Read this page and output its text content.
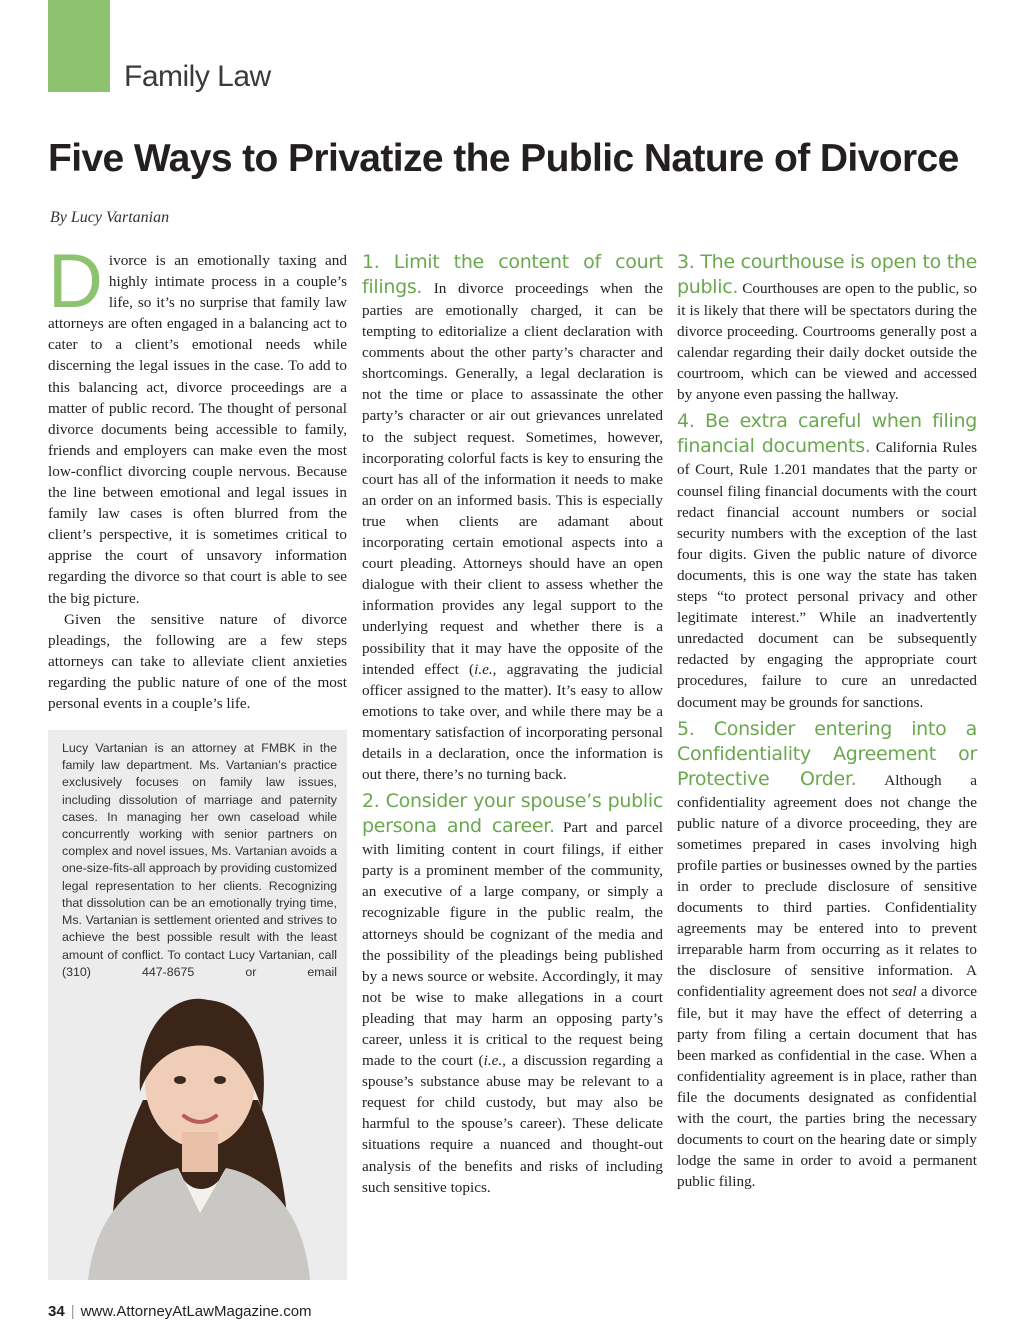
Family Law
Five Ways to Privatize the Public Nature of Divorce
By Lucy Vartanian

Divorce is an emotionally taxing and highly intimate process in a couple’s life, so it’s no surprise that family law attorneys are often engaged in a balancing act to cater to a client’s emotional needs while discerning the legal issues in the case. To add to this balancing act, divorce proceedings are a matter of public record. The thought of personal divorce documents being accessible to family, friends and employers can make even the most low-conflict divorcing couple nervous. Because the line between emotional and legal issues in family law cases is often blurred from the client’s perspective, it is sometimes critical to apprise the court of unsavory information regarding the divorce so that court is able to see the big picture.

Given the sensitive nature of divorce pleadings, the following are a few steps attorneys can take to alleviate client anxieties regarding the public nature of one of the most personal events in a couple’s life.

Lucy Vartanian is an attorney at FMBK in the family law department. Ms. Vartanian’s practice exclusively focuses on family law issues, including dissolution of marriage and paternity cases. In managing her own caseload while concurrently working with senior partners on complex and novel issues, Ms. Vartanian avoids a one-size-fits-all approach by providing customized legal representation to her clients. Recognizing that dissolution can be an emotionally trying time, Ms. Vartanian is settlement oriented and strives to achieve the best possible result with the least amount of conflict. To contact Lucy Vartanian, call (310) 447-8675 or email

1. Limit the content of court filings. In divorce proceedings when the parties are emotionally charged, it can be tempting to editorialize a client declaration with comments about the other party’s character and shortcomings. Generally, a legal declaration is not the time or place to assassinate the other party’s character or air out grievances unrelated to the subject request. Sometimes, however, incorporating colorful facts is key to ensuring the court has all of the information it needs to make an order on an informed basis. This is especially true when clients are adamant about incorporating certain emotional aspects into a court pleading. Attorneys should have an open dialogue with their client to assess whether the information provides any legal support to the underlying request and whether there is a possibility that it may have the opposite of the intended effect (i.e., aggravating the judicial officer assigned to the matter). It’s easy to allow emotions to take over, and while there may be a momentary satisfaction of incorporating personal details in a declaration, once the information is out there, there’s no turning back.

2. Consider your spouse’s public persona and career. Part and parcel with limiting content in court filings, if either party is a prominent member of the community, an executive of a large company, or simply a recognizable figure in the public realm, the attorneys should be cognizant of the media and the possibility of the pleadings being published by a news source or website. Accordingly, it may not be wise to make allegations in a court pleading that may harm an opposing party’s career, unless it is critical to the request being made to the court (i.e., a discussion regarding a spouse’s substance abuse may be relevant to a request for child custody, but may also be harmful to the spouse’s career). These delicate situations require a nuanced and thought-out analysis of the benefits and risks of including such sensitive topics.

3. The courthouse is open to the public. Courthouses are open to the public, so it is likely that there will be spectators during the divorce proceeding. Courtrooms generally post a calendar regarding their daily docket outside the courtroom, which can be viewed and accessed by anyone even passing the hallway.

4. Be extra careful when filing financial documents. California Rules of Court, Rule 1.201 mandates that the party or counsel filing financial documents with the court redact financial account numbers or social security numbers with the exception of the last four digits. Given the public nature of divorce documents, this is one way the state has taken steps “to protect personal privacy and other legitimate interest.” While an inadvertently unredacted document can be subsequently redacted by engaging the appropriate court procedures, failure to cure an unredacted document may be grounds for sanctions.

5. Consider entering into a Confidentiality Agreement or Protective Order. Although a confidentiality agreement does not change the public nature of a divorce proceeding, they are sometimes prepared in cases involving high profile parties or businesses owned by the parties in order to preclude disclosure of sensitive documents to third parties. Confidentiality agreements may be entered into to prevent irreparable harm from occurring as it relates to the disclosure of sensitive information. A confidentiality agreement does not seal a divorce file, but it may have the effect of deterring a party from filing a certain document that has been marked as confidential in the case. When a confidentiality agreement is in place, rather than file the documents designated as confidential with the court, the parties bring the necessary documents to court on the hearing date or simply lodge the same in order to avoid a permanent public filing.

34 | www.AttorneyAtLawMagazine.com
